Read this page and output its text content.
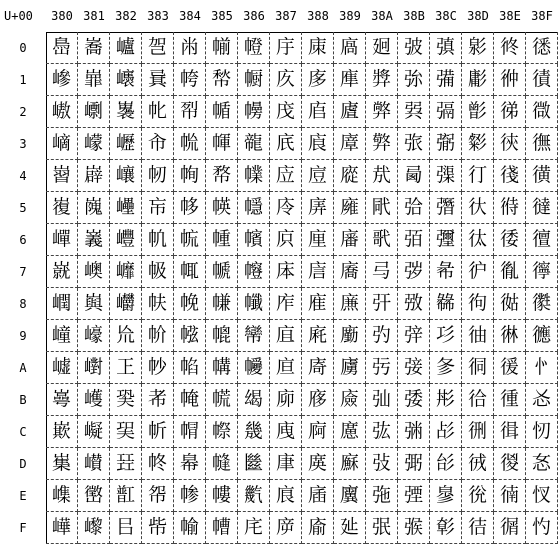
U+00	380 381 382 383 384 385 386 387 388 389 38A 38B 38C 38D 38E 38F
0
1
2
3
4
5
6
7
8
9
A
B
C
D
E
F
㠀 㠐 㠠 㠰 㡀 㡐 㡠 㡰 㢀 㢐 㢠 㢰 㣀 㣐 㣠 㣰
㠁 㠑 㠡 㠱 㡁 㡑 㡡 㡱 㢁 㢑 㢡 㢱 㣁 㣑 㣡 㣱
㠂 㠒 㠢 㠲 㡂 㡒 㡢 㡲 㢂 㢒 㢢 㢲 㣂 㣒 㣢 㣲
㠃 㠓 㠣 㠳 㡃 㡓 㡣 㡳 㢃 㢓 㢣 㢳 㣃 㣓 㣣 㣳
㠄 㠔 㠤 㠴 㡄 㡔 㡤 㡴 㢄 㢔 㢤 㢴 㣄 㣔 㣤 㣴
㠅 㠕 㠥 㠵 㡅 㡕 㡥 㡵 㢅 㢕 㢥 㢵 㣅 㣕 㣥 㣵
㠆 㠖 㠦 㠶 㡆 㡖 㡦 㡶 㢆 㢖 㢦 㢶 㣆 㣖 㣦 㣶
㠇 㠗 㠧 㠷 㡇 㡗 㡧 㡷 㢇 㢗 㢧 㢷 㣇 㣗 㣧 㣷
㠈 㠘 㠨 㠸 㡈 㡘 㡨 㡸 㢈 㢘 㢨 㢸 㣈 㣘 㣨 㣸
㠉 㠙 㠩 㠹 㡉 㡙 㡩 㡹 㢉 㢙 㢩 㢹 㣉 㣙 㣩 㣹
㠊 㠚 㠪 㠺 㡊 㡚 㡪 㡺 㢊 㢚 㢪 㢺 㣊 㣚 㣪 㣺
㠋 㠛 㠫 㠻 㡋 㡛 㡫 㡻 㢋 㢛 㢫 㢻 㣋 㣛 㣫 㣻
㠌 㠜 㠬 㠼 㡌 㡜 㡬 㡼 㢌 㢜 㢬 㢼 㣌 㣜 㣬 㣼
㠍 㠝 㠭 㠽 㡍 㡝 㡭 㡽 㢍 㢝 㢭 㢽 㣍 㣝 㣭 㣽
㠎 㠞 㠮 㠾 㡎 㡞 㡮 㡾 㢎 㢞 㢮 㢾 㣎 㣞 㣮 㣾
㠏 㠟 㠯 㠿 㡏 㡟 㡯 㡿 㢏 㢟 㢯 㢿 㣏 㣟 㣯 㣿
